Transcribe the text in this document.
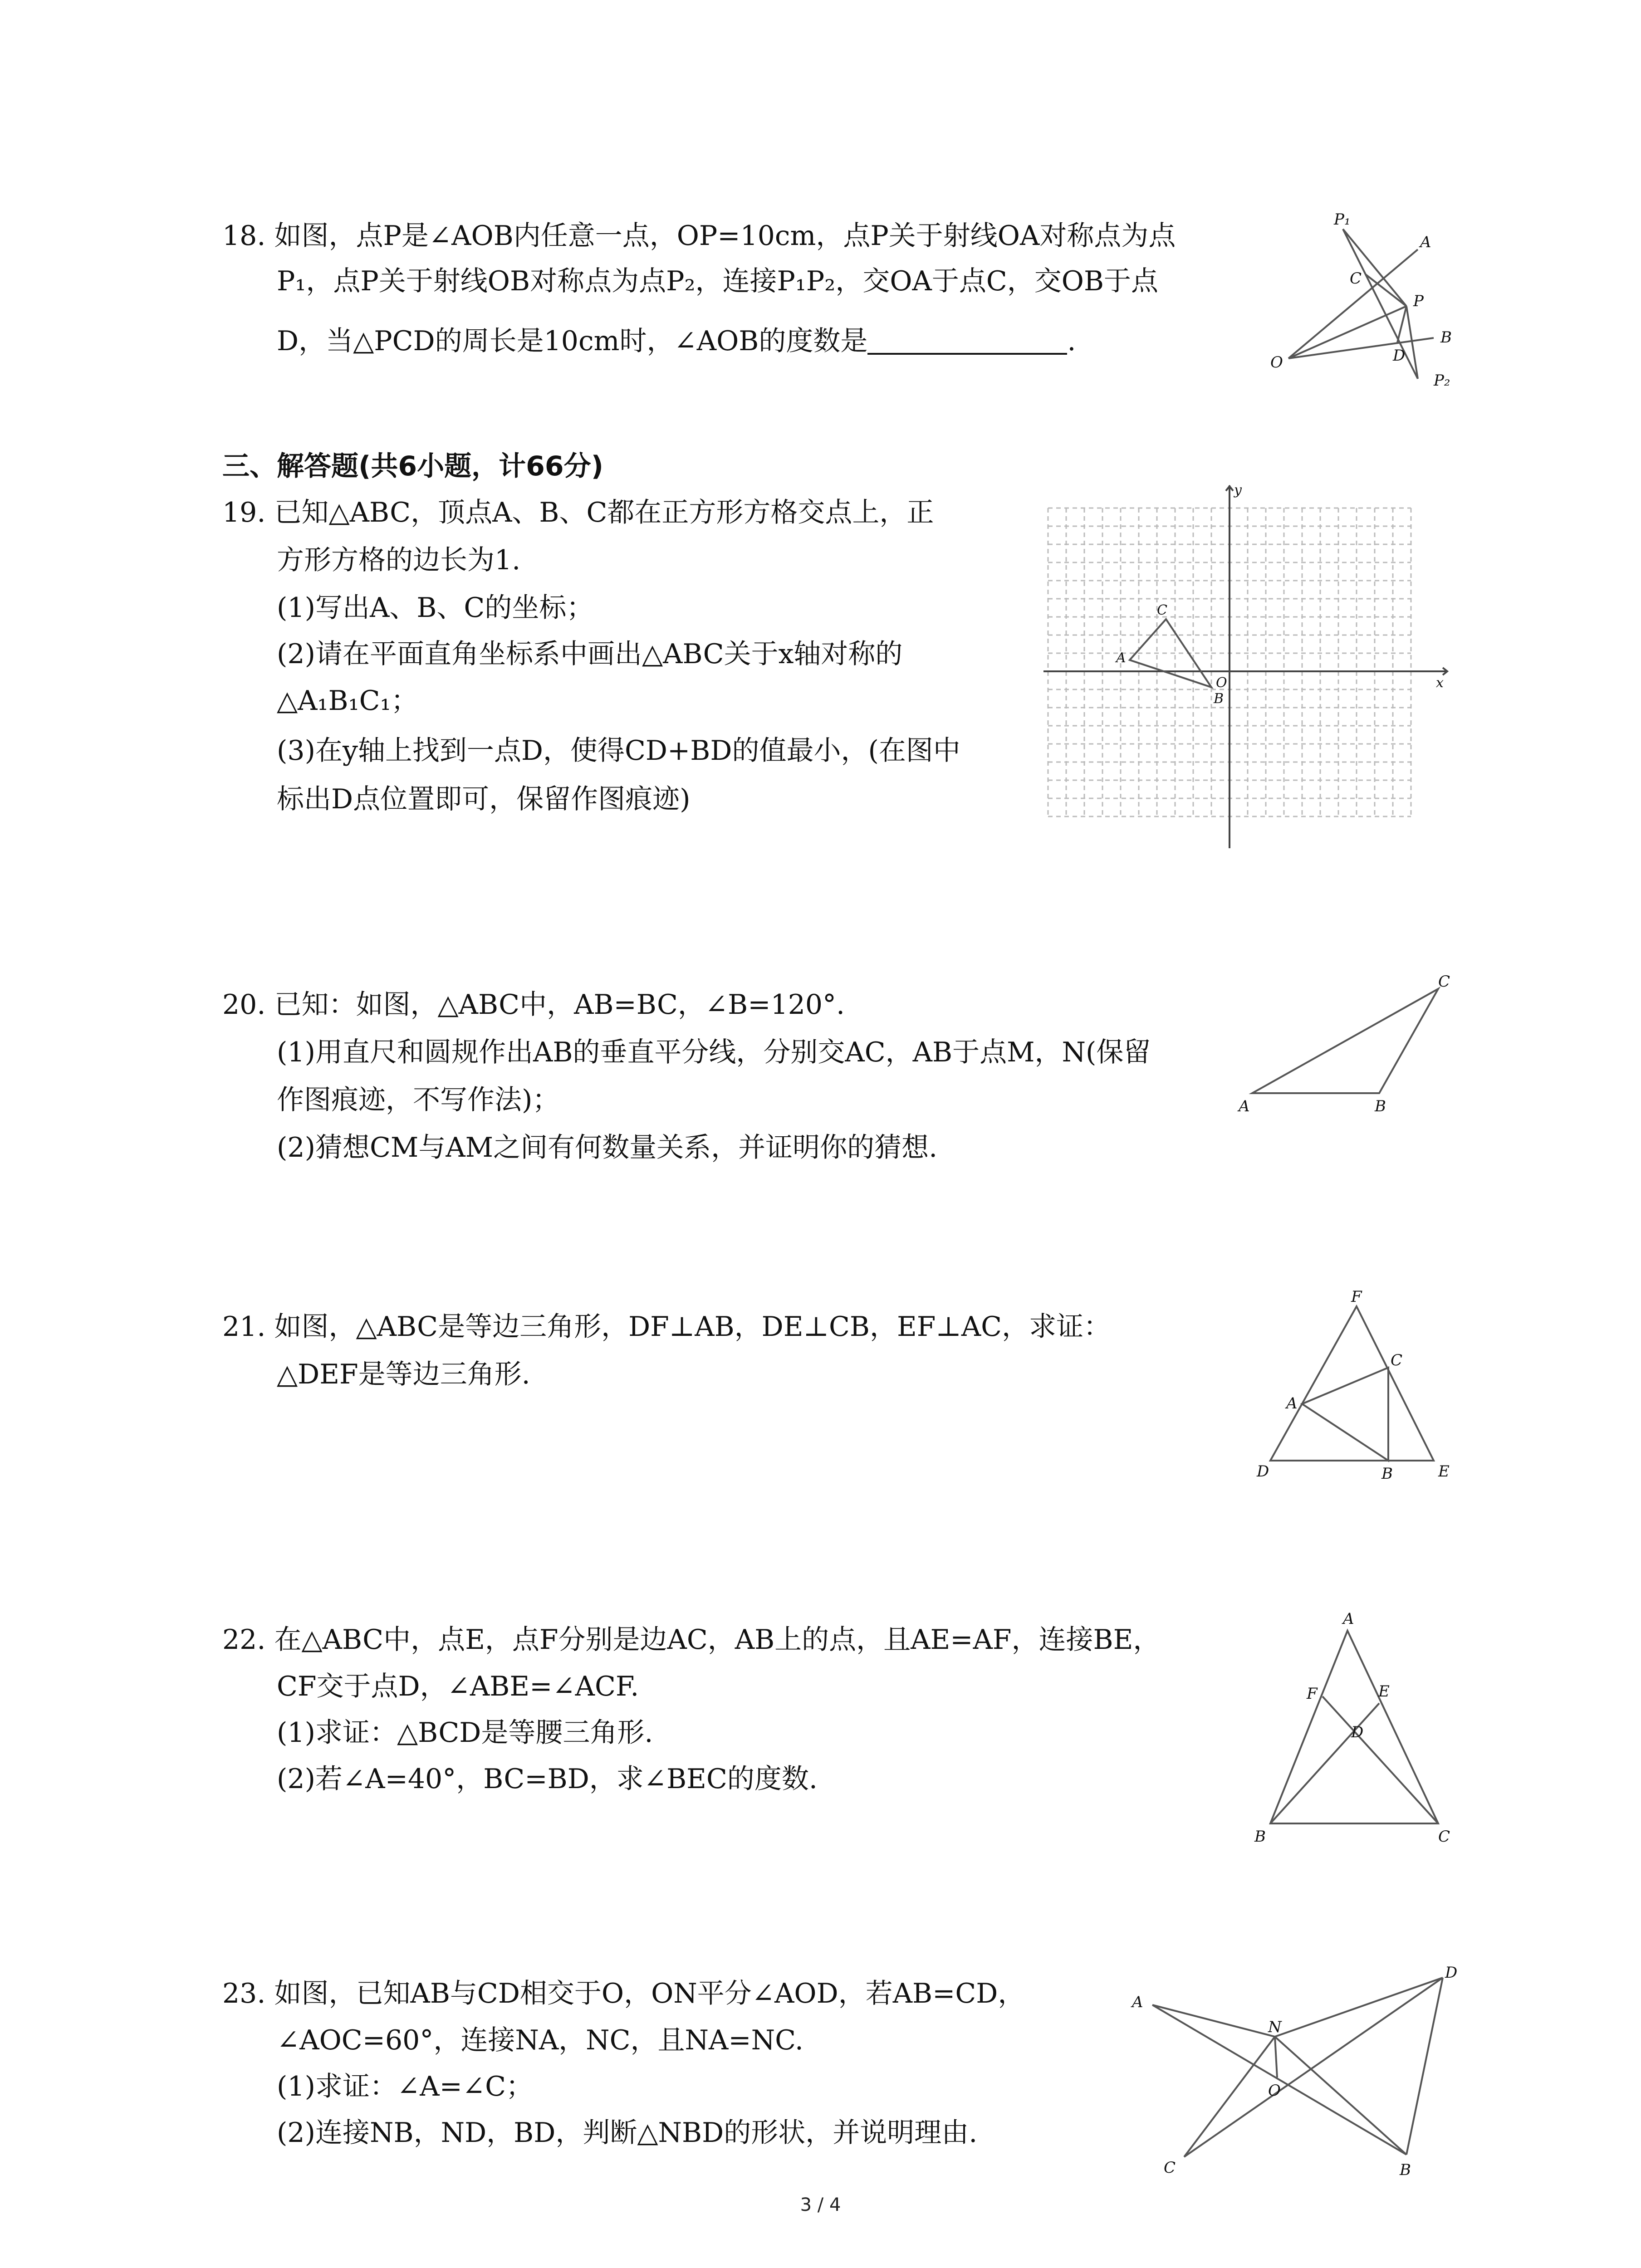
18. 如图，点P是∠AOB内任意一点，OP=10cm，点P关于射线OA对称点为点
P₁，点P关于射线OB对称点为点P₂，连接P₁P₂，交OA于点C，交OB于点
D，当△PCD的周长是10cm时，∠AOB的度数是	.
P₁
A
C
P
B
D
O
P₂
三、解答题(共6小题，计66分)
19. 已知△ABC，顶点A、B、C都在正方形方格交点上，正
方形方格的边长为1.
(1)写出A、B、C的坐标；
(2)请在平面直角坐标系中画出△ABC关于x轴对称的
△A₁B₁C₁；
(3)在y轴上找到一点D，使得CD+BD的值最小，(在图中
标出D点位置即可，保留作图痕迹)
y
x
A
C
B
O
20. 已知：如图，△ABC中，AB=BC，∠B=120°.
(1)用直尺和圆规作出AB的垂直平分线，分别交AC，AB于点M，N(保留
作图痕迹，不写作法)；
(2)猜想CM与AM之间有何数量关系，并证明你的猜想.
A	B
C
21. 如图，△ABC是等边三角形，DF⊥AB，DE⊥CB，EF⊥AC，求证：
△DEF是等边三角形.
F
C
A
D	B	E
22. 在△ABC中，点E，点F分别是边AC，AB上的点，且AE=AF，连接BE，
CF交于点D，∠ABE=∠ACF.
(1)求证：△BCD是等腰三角形.
(2)若∠A=40°，BC=BD，求∠BEC的度数.
A
F	E
D
B	C
23. 如图，已知AB与CD相交于O，ON平分∠AOD，若AB=CD，
∠AOC=60°，连接NA，NC，且NA=NC.
(1)求证：∠A=∠C；
(2)连接NB，ND，BD，判断△NBD的形状，并说明理由.
A
D
N
O
C	B
3 / 4
